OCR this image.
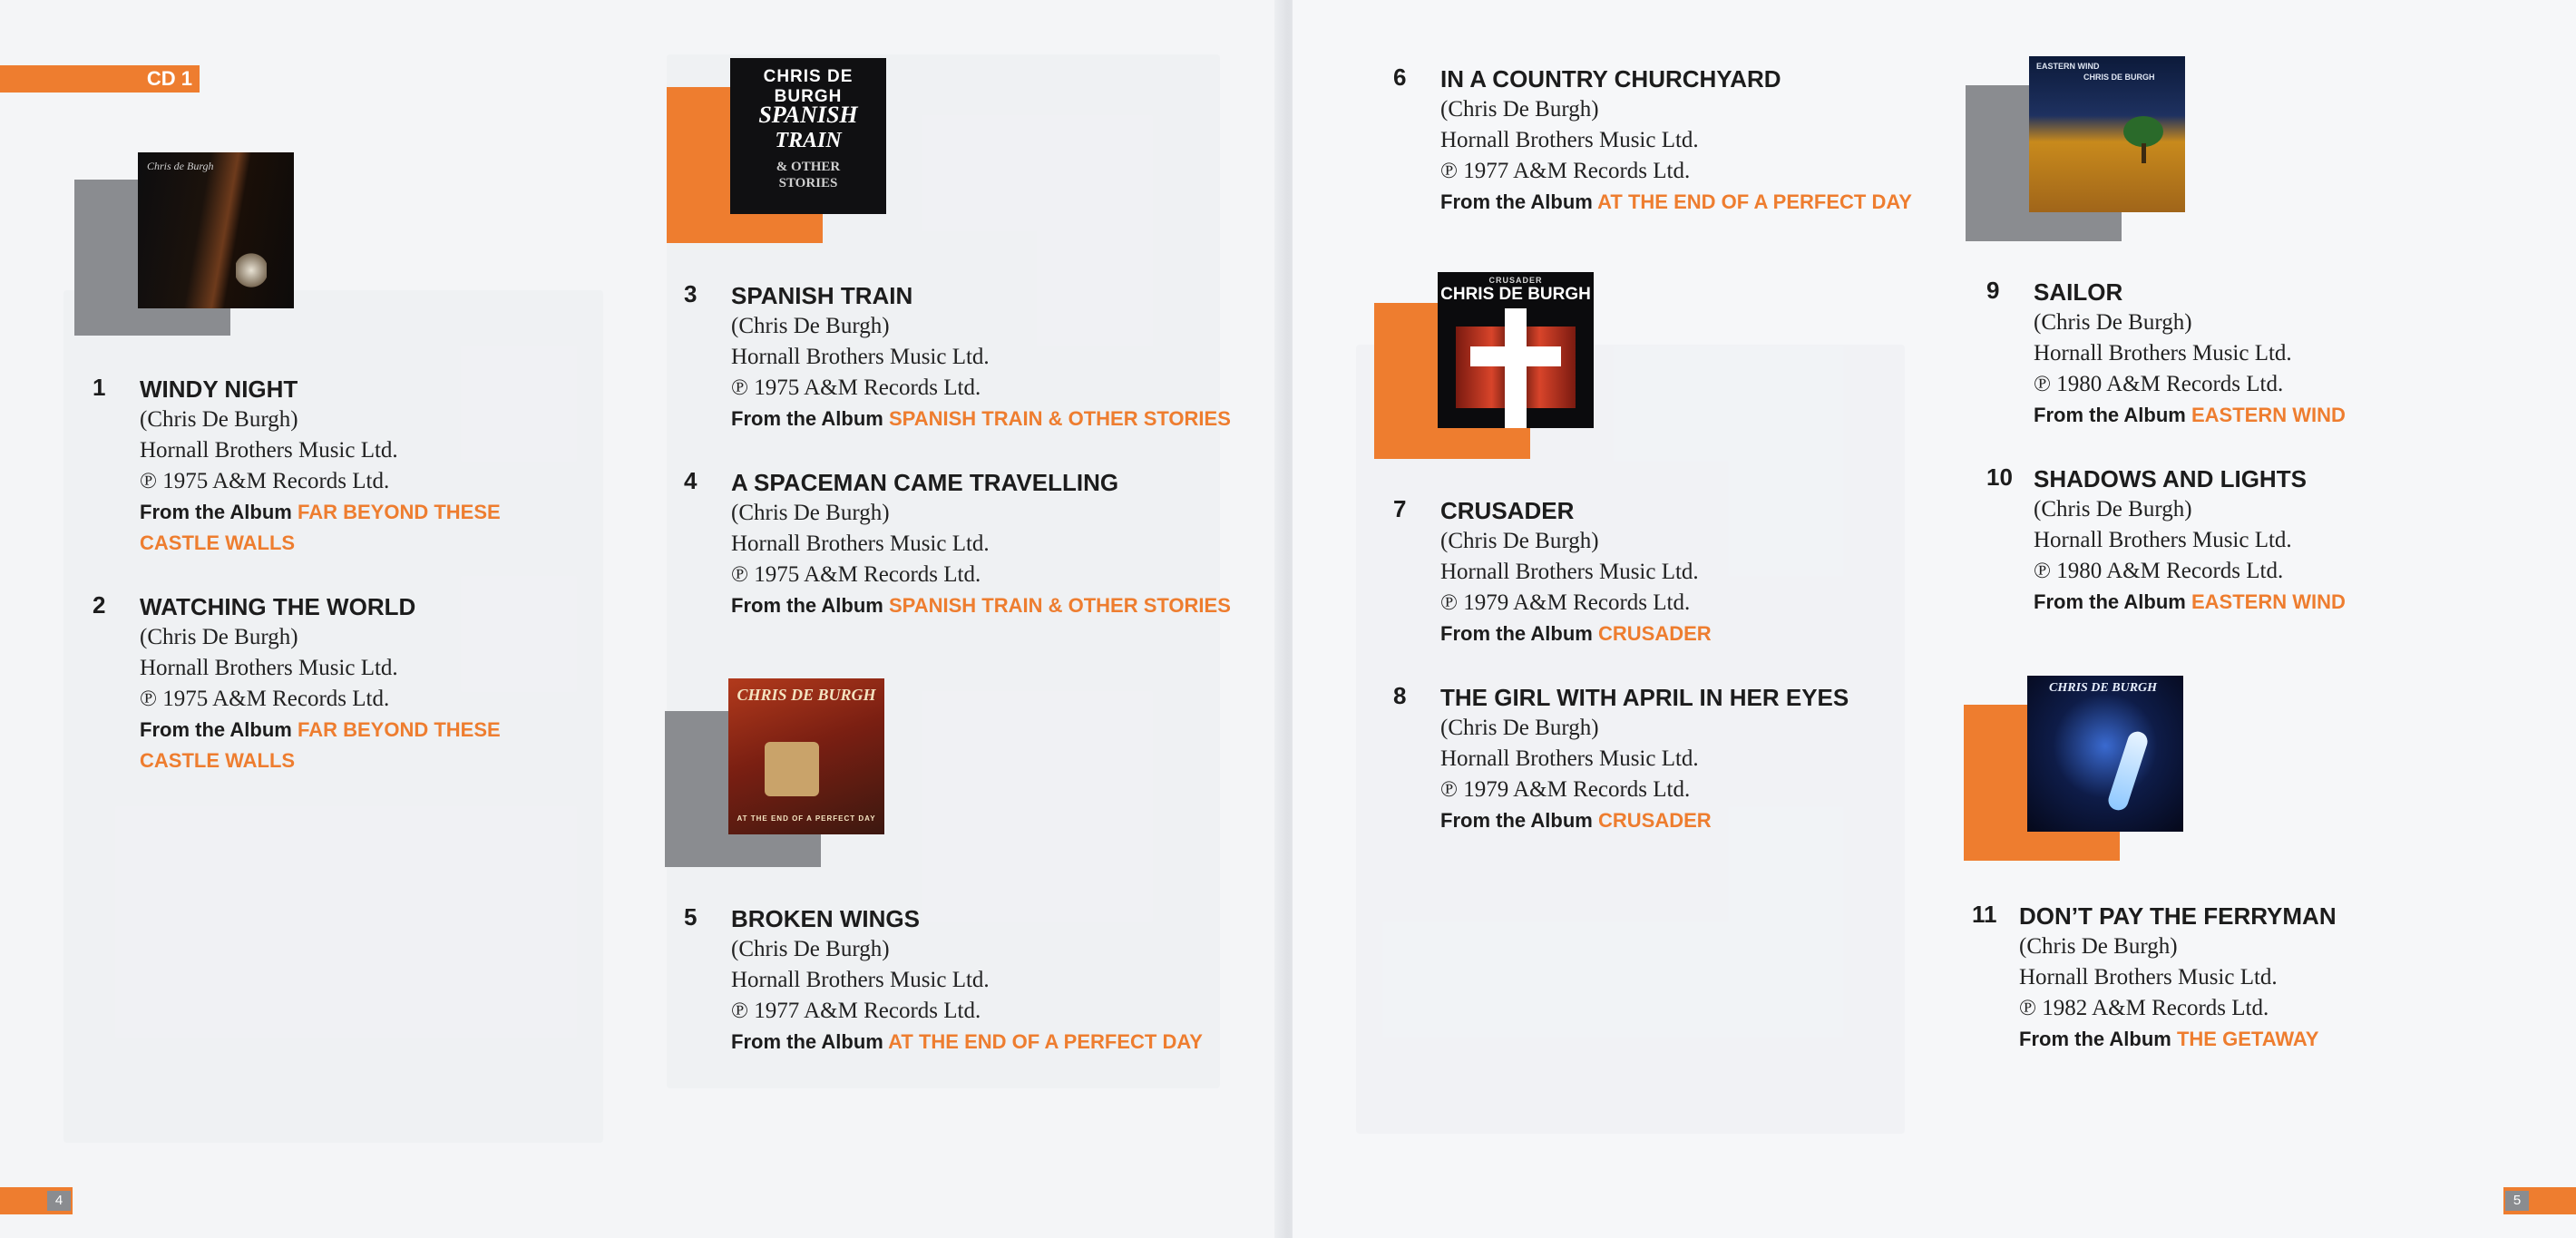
CD 1
Chris de Burgh
1 WINDY NIGHT
(Chris De Burgh)
Hornall Brothers Music Ltd.
℗ 1975 A&M Records Ltd.
From the Album FAR BEYOND THESE
CASTLE WALLS
2 WATCHING THE WORLD
(Chris De Burgh)
Hornall Brothers Music Ltd.
℗ 1975 A&M Records Ltd.
From the Album FAR BEYOND THESE
CASTLE WALLS
CHRIS DE BURGH
SPANISH
TRAIN
& OTHER
STORIES
3 SPANISH TRAIN
(Chris De Burgh)
Hornall Brothers Music Ltd.
℗ 1975 A&M Records Ltd.
From the Album SPANISH TRAIN & OTHER STORIES
4 A SPACEMAN CAME TRAVELLING
(Chris De Burgh)
Hornall Brothers Music Ltd.
℗ 1975 A&M Records Ltd.
From the Album SPANISH TRAIN & OTHER STORIES
CHRIS DE BURGH
AT THE END OF A PERFECT DAY
5 BROKEN WINGS
(Chris De Burgh)
Hornall Brothers Music Ltd.
℗ 1977 A&M Records Ltd.
From the Album AT THE END OF A PERFECT DAY
4
6 IN A COUNTRY CHURCHYARD
(Chris De Burgh)
Hornall Brothers Music Ltd.
℗ 1977 A&M Records Ltd.
From the Album AT THE END OF A PERFECT DAY
CRUSADER
CHRIS DE BURGH
7 CRUSADER
(Chris De Burgh)
Hornall Brothers Music Ltd.
℗ 1979 A&M Records Ltd.
From the Album CRUSADER
8 THE GIRL WITH APRIL IN HER EYES
(Chris De Burgh)
Hornall Brothers Music Ltd.
℗ 1979 A&M Records Ltd.
From the Album CRUSADER
EASTERN WIND
CHRIS DE BURGH
9 SAILOR
(Chris De Burgh)
Hornall Brothers Music Ltd.
℗ 1980 A&M Records Ltd.
From the Album EASTERN WIND
10 SHADOWS AND LIGHTS
(Chris De Burgh)
Hornall Brothers Music Ltd.
℗ 1980 A&M Records Ltd.
From the Album EASTERN WIND
CHRIS DE BURGH
11 DON’T PAY THE FERRYMAN
(Chris De Burgh)
Hornall Brothers Music Ltd.
℗ 1982 A&M Records Ltd.
From the Album THE GETAWAY
5
